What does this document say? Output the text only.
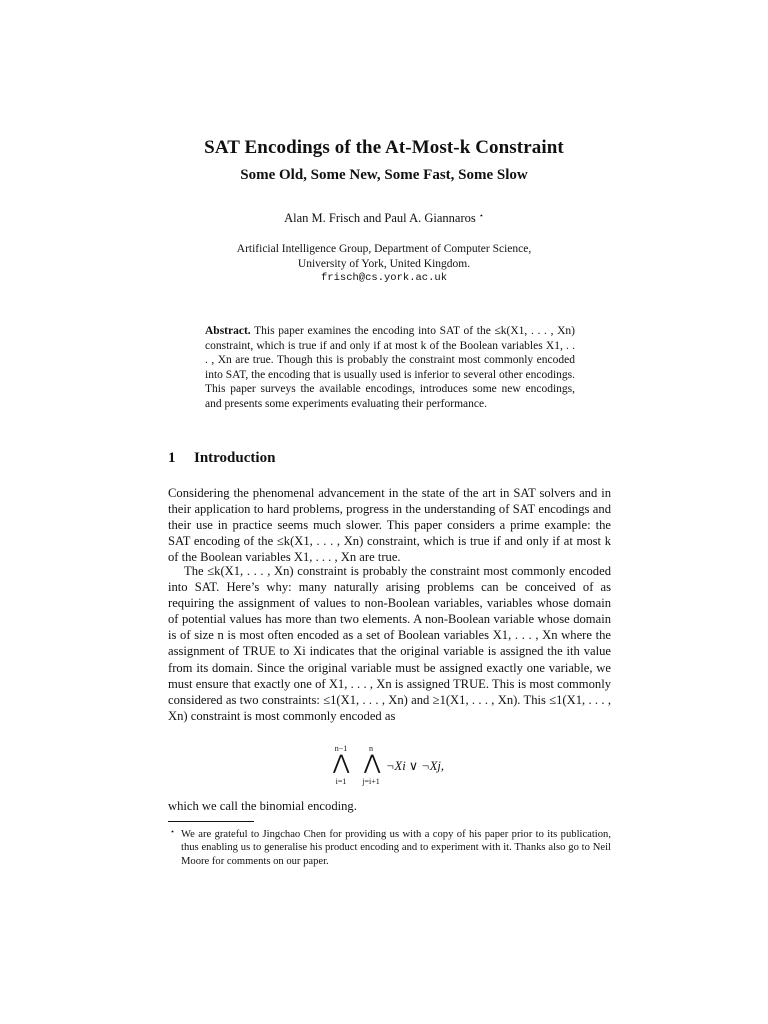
SAT Encodings of the At-Most-k Constraint
Some Old, Some New, Some Fast, Some Slow
Alan M. Frisch and Paul A. Giannaros ⋆
Artificial Intelligence Group, Department of Computer Science,
University of York, United Kingdom.
frisch@cs.york.ac.uk

Abstract. This paper examines the encoding into SAT of the ≤k(X1, . . . , Xn) constraint, which is true if and only if at most k of the Boolean variables X1, . . . , Xn are true. Though this is probably the constraint most commonly encoded into SAT, the encoding that is usually used is inferior to several other encodings. This paper surveys the available encodings, introduces some new encodings, and presents some experiments evaluating their performance.

1 Introduction

Considering the phenomenal advancement in the state of the art in SAT solvers and in their application to hard problems, progress in the understanding of SAT encodings and their use in practice seems much slower. This paper considers a prime example: the SAT encoding of the ≤k(X1, . . . , Xn) constraint, which is true if and only if at most k of the Boolean variables X1, . . . , Xn are true.

The ≤k(X1, . . . , Xn) constraint is probably the constraint most commonly encoded into SAT. Here’s why: many naturally arising problems can be conceived of as requiring the assignment of values to non-Boolean variables, variables whose domain of potential values has more than two elements. A non-Boolean variable whose domain is of size n is most often encoded as a set of Boolean variables X1, . . . , Xn where the assignment of TRUE to Xi indicates that the original variable is assigned the ith value from its domain. Since the original variable must be assigned exactly one variable, we must ensure that exactly one of X1, . . . , Xn is assigned TRUE. This is most commonly considered as two constraints: ≤1(X1, . . . , Xn) and ≥1(X1, . . . , Xn). This ≤1(X1, . . . , Xn) constraint is most commonly encoded as

n−1
⋀
i=1
n
⋀
j=i+1
¬Xi ∨ ¬Xj,

which we call the binomial encoding.

⋆ We are grateful to Jingchao Chen for providing us with a copy of his paper prior to its publication, thus enabling us to generalise his product encoding and to experiment with it. Thanks also go to Neil Moore for comments on our paper.
